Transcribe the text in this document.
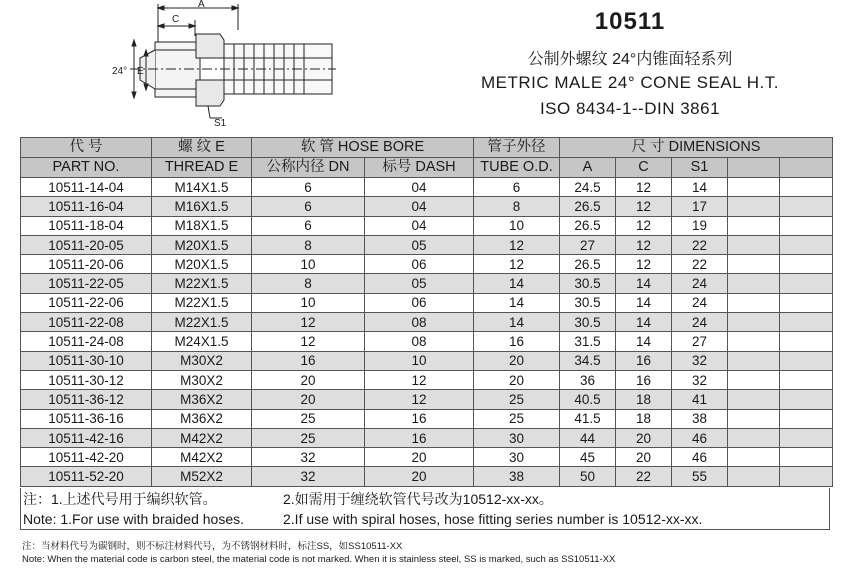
A
C
24° E
S1
10511
公制外螺纹 24°内锥面轻系列
METRIC MALE 24° CONE SEAL H.T.
ISO 8434-1--DIN 3861
代 号	螺 纹 E	软 管 HOSE BORE		管子外径	尺 寸 DIMENSIONS				
PART NO.	THREAD E	公称内径 DN	标号 DASH	TUBE O.D.	A	C	S1		
10511-14-04	M14X1.5	6	04	6	24.5	12	14		
10511-16-04	M16X1.5	6	04	8	26.5	12	17		
10511-18-04	M18X1.5	6	04	10	26.5	12	19		
10511-20-05	M20X1.5	8	05	12	27	12	22		
10511-20-06	M20X1.5	10	06	12	26.5	12	22		
10511-22-05	M22X1.5	8	05	14	30.5	14	24		
10511-22-06	M22X1.5	10	06	14	30.5	14	24		
10511-22-08	M22X1.5	12	08	14	30.5	14	24		
10511-24-08	M24X1.5	12	08	16	31.5	14	27		
10511-30-10	M30X2	16	10	20	34.5	16	32		
10511-30-12	M30X2	20	12	20	36	16	32		
10511-36-12	M36X2	20	12	25	40.5	18	41		
10511-36-16	M36X2	25	16	25	41.5	18	38		
10511-42-16	M42X2	25	16	30	44	20	46		
10511-42-20	M42X2	32	20	30	45	20	46		
10511-52-20	M52X2	32	20	38	50	22	55		
注：1.上述代号用于编织软管。	2.如需用于缠绕软管代号改为10512-xx-xx。
Note: 1.For use with braided hoses.	2.If use with spiral hoses, hose fitting series number is 10512-xx-xx.
注：当材料代号为碳钢时，则不标注材料代号，为不锈钢材料时，标注SS，如SS10511-XX
Note: When the material code is carbon steel, the material code is not marked. When it is stainless steel, SS is marked, such as SS10511-XX
